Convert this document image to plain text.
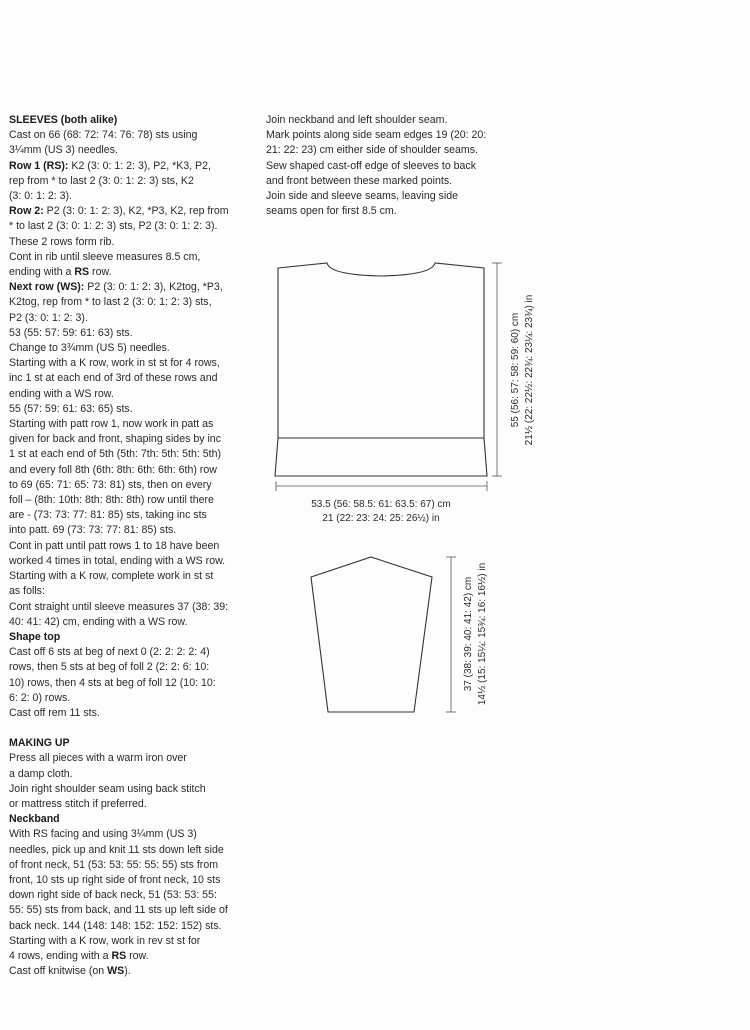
SLEEVES (both alike)

Cast on 66 (68: 72: 74: 76: 78) sts using
3¼mm (US 3) needles.

Row 1 (RS): K2 (3: 0: 1: 2: 3), P2, *K3, P2,
rep from * to last 2 (3: 0: 1: 2: 3) sts, K2
(3: 0: 1: 2: 3).

Row 2: P2 (3: 0: 1: 2: 3), K2, *P3, K2, rep from
* to last 2 (3: 0: 1: 2: 3) sts, P2 (3: 0: 1: 2: 3).
These 2 rows form rib.
Cont in rib until sleeve measures 8.5 cm,
ending with a RS row.

Next row (WS): P2 (3: 0: 1: 2: 3), K2tog, *P3,
K2tog, rep from * to last 2 (3: 0: 1: 2: 3) sts,
P2 (3: 0: 1: 2: 3).
53 (55: 57: 59: 61: 63) sts.
Change to 3¾mm (US 5) needles.
Starting with a K row, work in st st for 4 rows,
inc 1 st at each end of 3rd of these rows and
ending with a WS row.
55 (57: 59: 61: 63: 65) sts.
Starting with patt row 1, now work in patt as
given for back and front, shaping sides by inc
1 st at each end of 5th (5th: 7th: 5th: 5th: 5th)
and every foll 8th (6th: 8th: 6th: 6th: 6th) row
to 69 (65: 71: 65: 73: 81) sts, then on every
foll – (8th: 10th: 8th: 8th: 8th) row until there
are - (73: 73: 77: 81: 85) sts, taking inc sts
into patt. 69 (73: 73: 77: 81: 85) sts.
Cont in patt until patt rows 1 to 18 have been
worked 4 times in total, ending with a WS row.
Starting with a K row, complete work in st st
as folls:
Cont straight until sleeve measures 37 (38: 39:
40: 41: 42) cm, ending with a WS row.

Shape top

Cast off 6 sts at beg of next 0 (2: 2: 2: 2: 4)
rows, then 5 sts at beg of foll 2 (2: 2: 6: 10:
10) rows, then 4 sts at beg of foll 12 (10: 10:
6: 2: 0) rows.
Cast off rem 11 sts.

MAKING UP

Press all pieces with a warm iron over
a damp cloth.
Join right shoulder seam using back stitch
or mattress stitch if preferred.

Neckband

With RS facing and using 3¼mm (US 3)
needles, pick up and knit 11 sts down left side
of front neck, 51 (53: 53: 55: 55: 55) sts from
front, 10 sts up right side of front neck, 10 sts
down right side of back neck, 51 (53: 53: 55:
55: 55) sts from back, and 11 sts up left side of
back neck. 144 (148: 148: 152: 152: 152) sts.
Starting with a K row, work in rev st st for
4 rows, ending with a RS row.
Cast off knitwise (on WS).

Join neckband and left shoulder seam.
Mark points along side seam edges 19 (20: 20:
21: 22: 23) cm either side of shoulder seams.
Sew shaped cast-off edge of sleeves to back
and front between these marked points.
Join side and sleeve seams, leaving side
seams open for first 8.5 cm.

53.5 (56: 58.5: 61: 63.5: 67) cm
21 (22: 23: 24: 25: 26½) in
55 (56: 57: 58: 59: 60) cm 21½ (22: 22½: 22¾: 23¼: 23¾) in
37 (38: 39: 40: 41: 42) cm 14½ (15: 15¼: 15¾: 16: 16½) in
